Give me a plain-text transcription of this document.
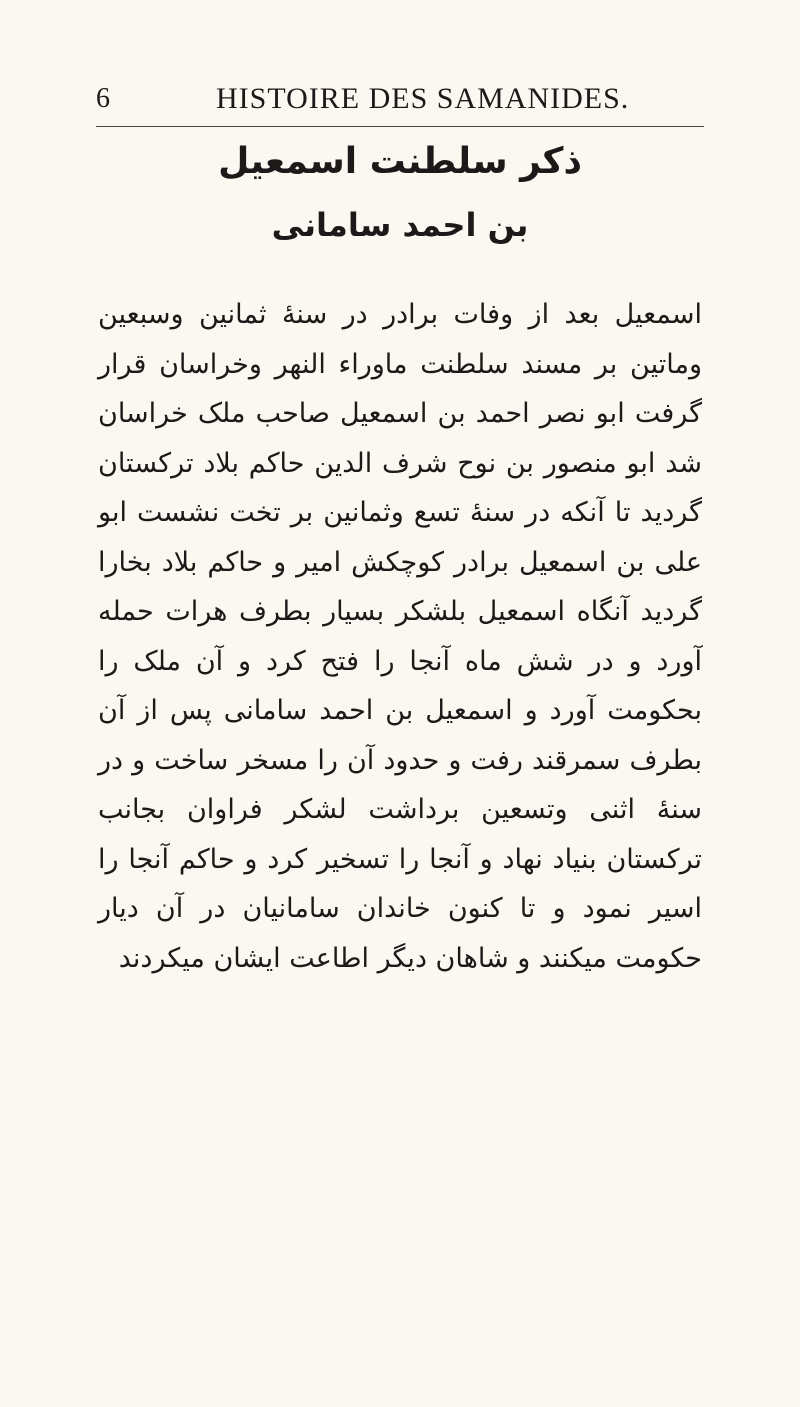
6	HISTOIRE DES SAMANIDES.
ذكر سلطنت اسمعيل
بن احمد سامانى

اسمعيل بعد از وفات برادر در سنهٔ ثمانین وسبعین وماتین بر مسند سلطنت ماوراء النهر وخراسان قرار گرفت ابو نصر احمد بن اسمعیل صاحب ملک خراسان شد ابو منصور بن نوح شرف الدین حاکم بلاد ترکستان گردید تا آنکه در سنهٔ تسع وثمانین بر تخت نشست ابو علی بن اسمعیل برادر کوچکش امیر و حاکم بلاد بخارا گردید آنگاه اسمعیل بلشکر بسیار بطرف هرات حمله آورد و در شش ماه آنجا را فتح کرد و آن ملک را بحکومت آورد و اسمعیل بن احمد سامانی پس از آن بطرف سمرقند رفت و حدود آن را مسخر ساخت و در سنهٔ اثنی وتسعین برداشت لشکر فراوان بجانب ترکستان بنیاد نهاد و آنجا را تسخیر کرد و حاکم آنجا را اسیر نمود و تا کنون خاندان سامانیان در آن دیار حکومت میکنند و شاهان دیگر اطاعت ایشان میکردند
